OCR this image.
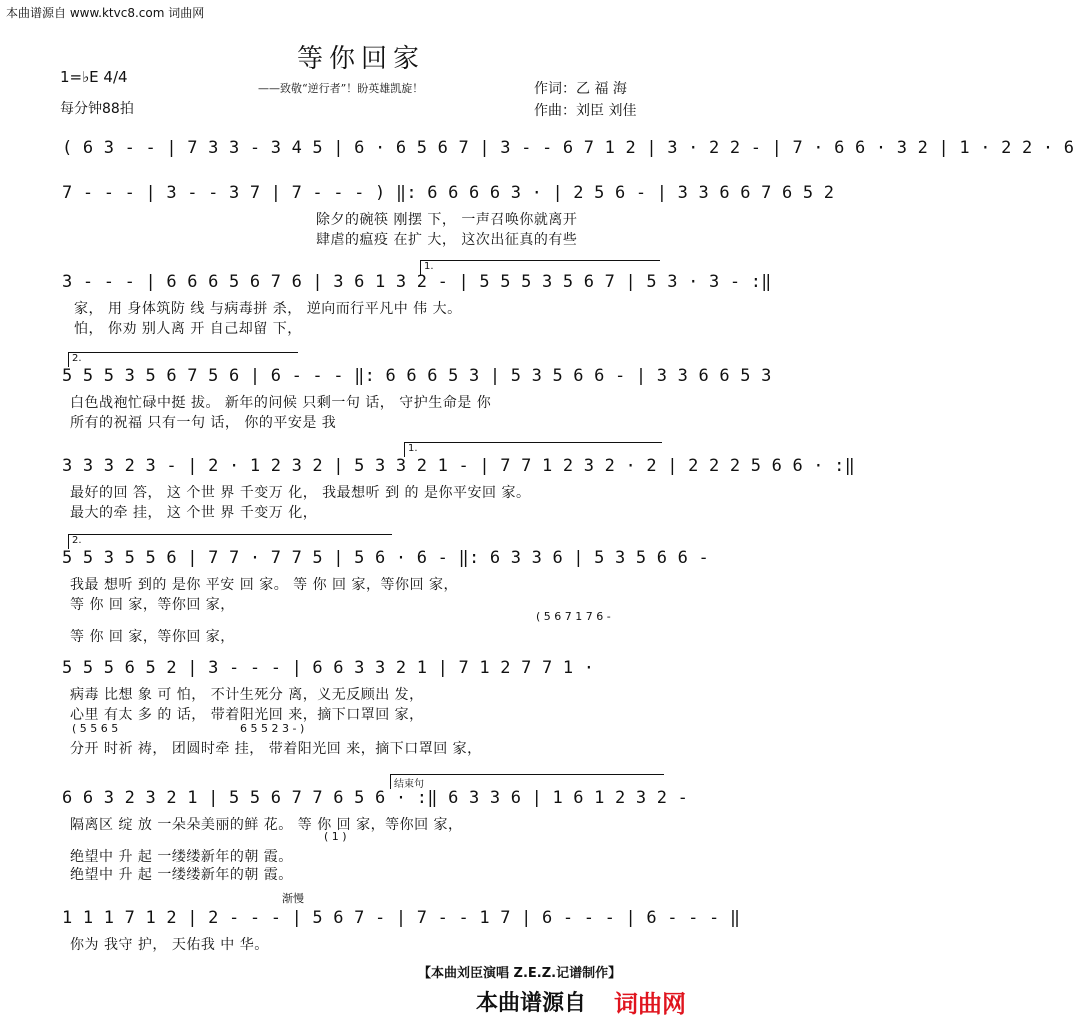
本曲谱源自 www.ktvc8.com 词曲网
等你回家
——致敬“逆行者”！盼英雄凯旋！
1=♭E 4/4
每分钟88拍
作词：乙 福 海
作曲：刘臣 刘佳
( 6 3 - - | 7 3 3 - 3 4 5 | 6 · 6 5 6 7 | 3 - - 6 7 1 2 | 3 · 2 2 - | 7 · 6 6 · 3 2 | 1 · 2 2 · 6
7 - - - | 3 - - 3 7 | 7 - - - ) ‖: 6 6 6 6 3 · | 2 5 6 - | 3 3 6 6 7 6 5 2
除夕的碗筷 刚摆 下， 一声召唤你就离开
肆虐的瘟疫 在扩 大， 这次出征真的有些
1.
3 - - - | 6 6 6 5 6 7 6 | 3 6 1 3 2 - | 5 5 5 3 5 6 7 | 5 3 · 3 - :‖
家， 用 身体筑防 线 与病毒拼 杀， 逆向而行平凡中 伟 大。
怕， 你劝 别人离 开 自己却留 下，
2.
5 5 5 3 5 6 7 5 6 | 6 - - - ‖: 6 6 6 5 3 | 5 3 5 6 6 - | 3 3 6 6 5 3
白色战袍忙碌中挺 拔。 新年的问候 只剩一句 话， 守护生命是 你
所有的祝福 只有一句 话， 你的平安是 我
1.
3 3 3 2 3 - | 2 · 1 2 3 2 | 5 3 3 2 1 - | 7 7 1 2 3 2 · 2 | 2 2 2 5 6 6 · :‖
最好的回 答， 这 个世 界 千变万 化， 我最想听 到 的 是你平安回 家。
最大的牵 挂， 这 个世 界 千变万 化，
2.
5 5 3 5 5 6 | 7 7 · 7 7 5 | 5 6 · 6 - ‖: 6 3 3 6 | 5 3 5 6 6 -
我最 想听 到的 是你 平安 回 家。 等 你 回 家，等你回 家，
等 你 回 家，等你回 家，
( 5 6 7 1 7 6 -
等 你 回 家，等你回 家，
5 5 5 6 5 2 | 3 - - - | 6 6 3 3 2 1 | 7 1 2 7 7 1 ·
病毒 比想 象 可 怕， 不计生死分 离，义无反顾出 发，
心里 有太 多 的 话， 带着阳光回 来，摘下口罩回 家，
( 5 5 6 5	6 5 5 2 3 - )
分开 时祈 祷， 团圆时牵 挂， 带着阳光回 来，摘下口罩回 家，
结束句
6 6 3 2 3 2 1 | 5 5 6 7 7 6 5 6 · :‖ 6 3 3 6 | 1 6 1 2 3 2 -
隔离区 绽 放 一朵朵美丽的鲜 花。 等 你 回 家，等你回 家，
( 1 )
绝望中 升 起 一缕缕新年的朝 霞。
绝望中 升 起 一缕缕新年的朝 霞。
渐慢
1 1 1 7 1 2 | 2 - - - | 5 6 7 - | 7 - - 1 7 | 6 - - - | 6 - - - ‖
你为 我守 护， 天佑我 中 华。
【本曲刘臣演唱 Z.E.Z.记谱制作】
本曲谱源自 词曲网
